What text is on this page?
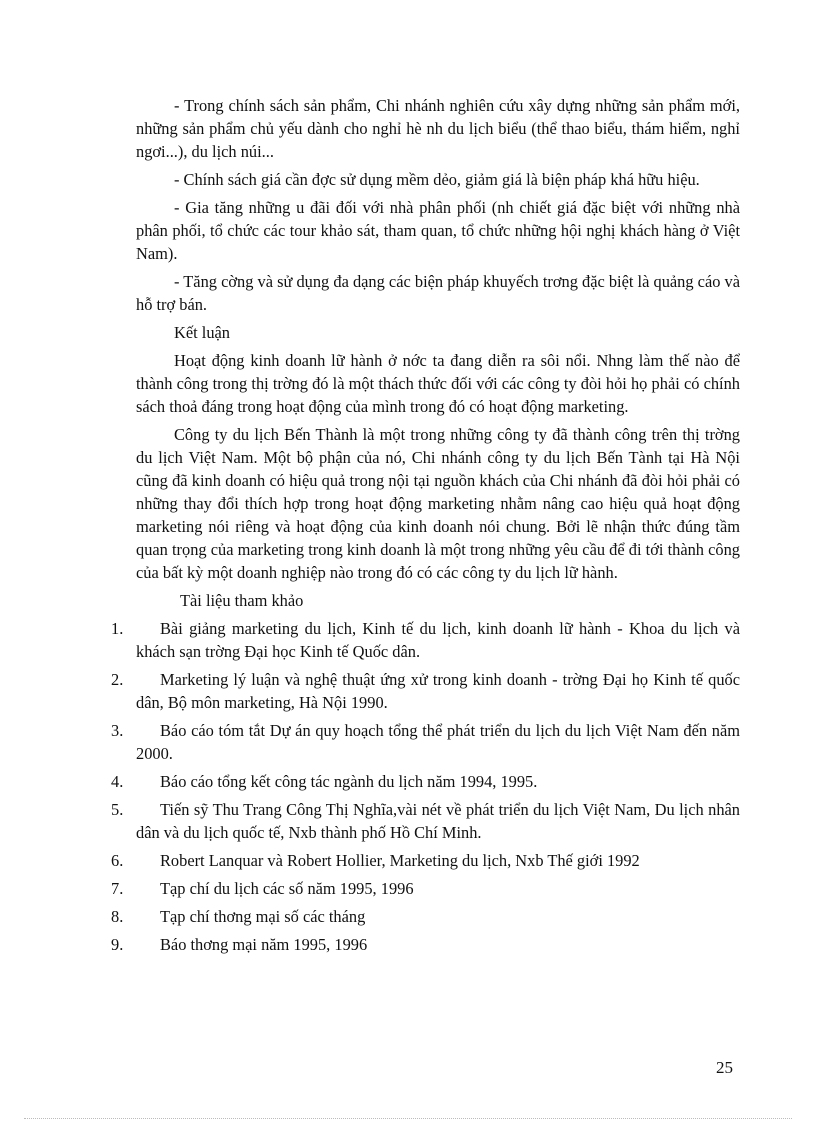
- Trong chính sách sản phẩm, Chi nhánh nghiên cứu xây dựng những sản phẩm mới, những sản phẩm chủ yếu dành cho nghỉ hè nh du lịch biểu (thể thao biểu, thám hiểm, nghỉ ngơi...), du lịch núi...

- Chính sách giá cần đợc sử dụng mềm dẻo, giảm giá là biện pháp khá hữu hiệu.

- Gia tăng những u đãi đối với nhà phân phối (nh chiết giá đặc biệt với những nhà phân phối, tổ chức các tour khảo sát, tham quan, tổ chức những hội nghị khách hàng ở Việt Nam).

- Tăng cờng và sử dụng đa dạng các biện pháp khuyếch trơng đặc biệt là quảng cáo và hỗ trợ bán.

Kết luận

Hoạt động kinh doanh lữ hành ở nớc ta đang diễn ra sôi nổi. Nhng làm thế nào để thành công trong thị trờng đó là một thách thức đối với các công ty đòi hỏi họ phải có chính sách thoả đáng trong hoạt động của mình trong đó có hoạt động marketing.

Công ty du lịch Bến Thành là một trong những công ty đã thành công trên thị trờng du lịch Việt Nam. Một bộ phận của nó, Chi nhánh công ty du lịch Bến Tành tại Hà Nội cũng đã kinh doanh có hiệu quả trong nội tại nguồn khách của Chi nhánh đã đòi hỏi phải có những thay đổi thích hợp trong hoạt động marketing nhằm nâng cao hiệu quả hoạt động marketing nói riêng và hoạt động của kinh doanh nói chung. Bởi lẽ nhận thức đúng tầm quan trọng của marketing trong kinh doanh là một trong những yêu cầu để đi tới thành công của bất kỳ một doanh nghiệp nào trong đó có các công ty du lịch lữ hành.

Tài liệu tham khảo
1. Bài giảng marketing du lịch, Kinh tế du lịch, kinh doanh lữ hành - Khoa du lịch và khách sạn trờng Đại học Kinh tế Quốc dân.
2. Marketing lý luận và nghệ thuật ứng xử trong kinh doanh - trờng Đại họ Kinh tế quốc dân, Bộ môn marketing, Hà Nội 1990.
3. Báo cáo tóm tắt Dự án quy hoạch tổng thể phát triển du lịch du lịch Việt Nam đến năm 2000.
4. Báo cáo tổng kết công tác ngành du lịch năm 1994, 1995.
5. Tiến sỹ Thu Trang Công Thị Nghĩa,vài nét về phát triển du lịch Việt Nam, Du lịch nhân dân và du lịch quốc tế, Nxb thành phố Hồ Chí Minh.
6. Robert Lanquar và Robert Hollier, Marketing du lịch, Nxb Thế giới 1992
7. Tạp chí du lịch các số năm 1995, 1996
8. Tạp chí thơng mại số các tháng
9. Báo thơng mại năm 1995, 1996
25
